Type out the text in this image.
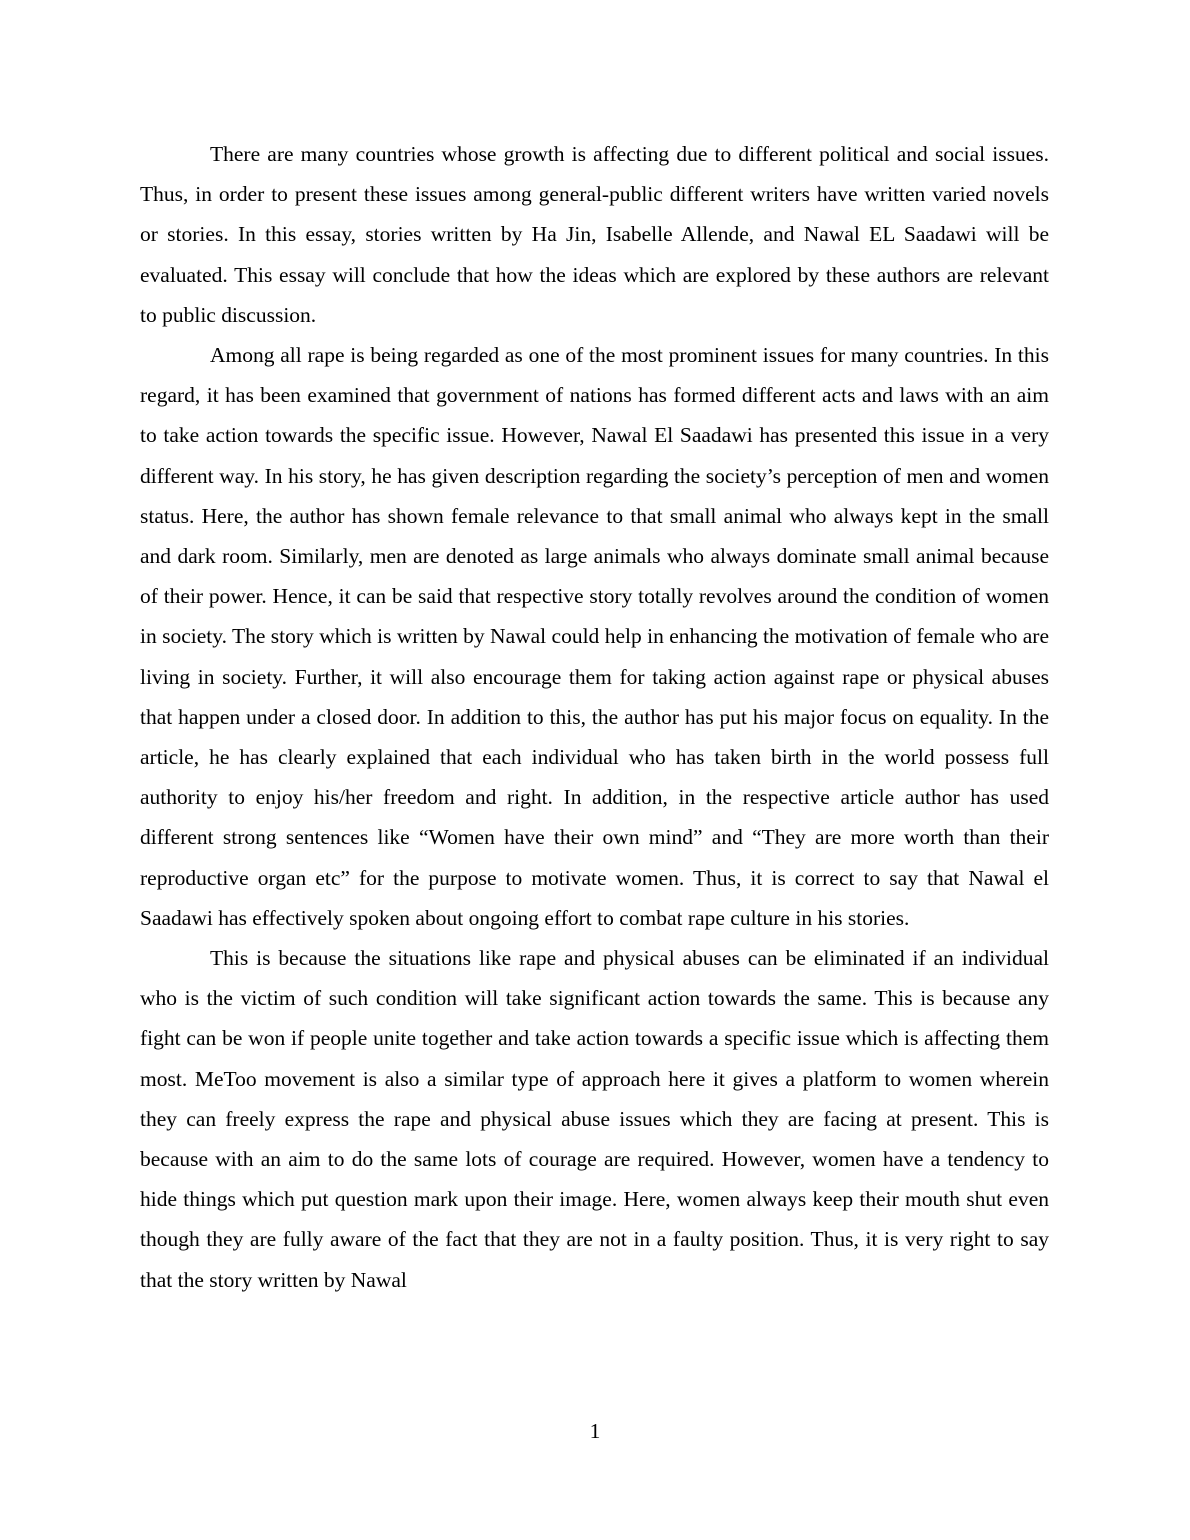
There are many countries whose growth is affecting due to different political and social issues. Thus, in order to present these issues among general-public different writers have written varied novels or stories. In this essay, stories written by Ha Jin, Isabelle Allende, and Nawal EL Saadawi will be evaluated. This essay will conclude that how the ideas which are explored by these authors are relevant to public discussion.

Among all rape is being regarded as one of the most prominent issues for many countries. In this regard, it has been examined that government of nations has formed different acts and laws with an aim to take action towards the specific issue. However, Nawal El Saadawi has presented this issue in a very different way. In his story, he has given description regarding the society’s perception of men and women status. Here, the author has shown female relevance to that small animal who always kept in the small and dark room. Similarly, men are denoted as large animals who always dominate small animal because of their power. Hence, it can be said that respective story totally revolves around the condition of women in society. The story which is written by Nawal could help in enhancing the motivation of female who are living in society. Further, it will also encourage them for taking action against rape or physical abuses that happen under a closed door. In addition to this, the author has put his major focus on equality. In the article, he has clearly explained that each individual who has taken birth in the world possess full authority to enjoy his/her freedom and right. In addition, in the respective article author has used different strong sentences like “Women have their own mind” and “They are more worth than their reproductive organ etc” for the purpose to motivate women. Thus, it is correct to say that Nawal el Saadawi has effectively spoken about ongoing effort to combat rape culture in his stories.

This is because the situations like rape and physical abuses can be eliminated if an individual who is the victim of such condition will take significant action towards the same. This is because any fight can be won if people unite together and take action towards a specific issue which is affecting them most. MeToo movement is also a similar type of approach here it gives a platform to women wherein they can freely express the rape and physical abuse issues which they are facing at present. This is because with an aim to do the same lots of courage are required. However, women have a tendency to hide things which put question mark upon their image. Here, women always keep their mouth shut even though they are fully aware of the fact that they are not in a faulty position. Thus, it is very right to say that the story written by Nawal

1
